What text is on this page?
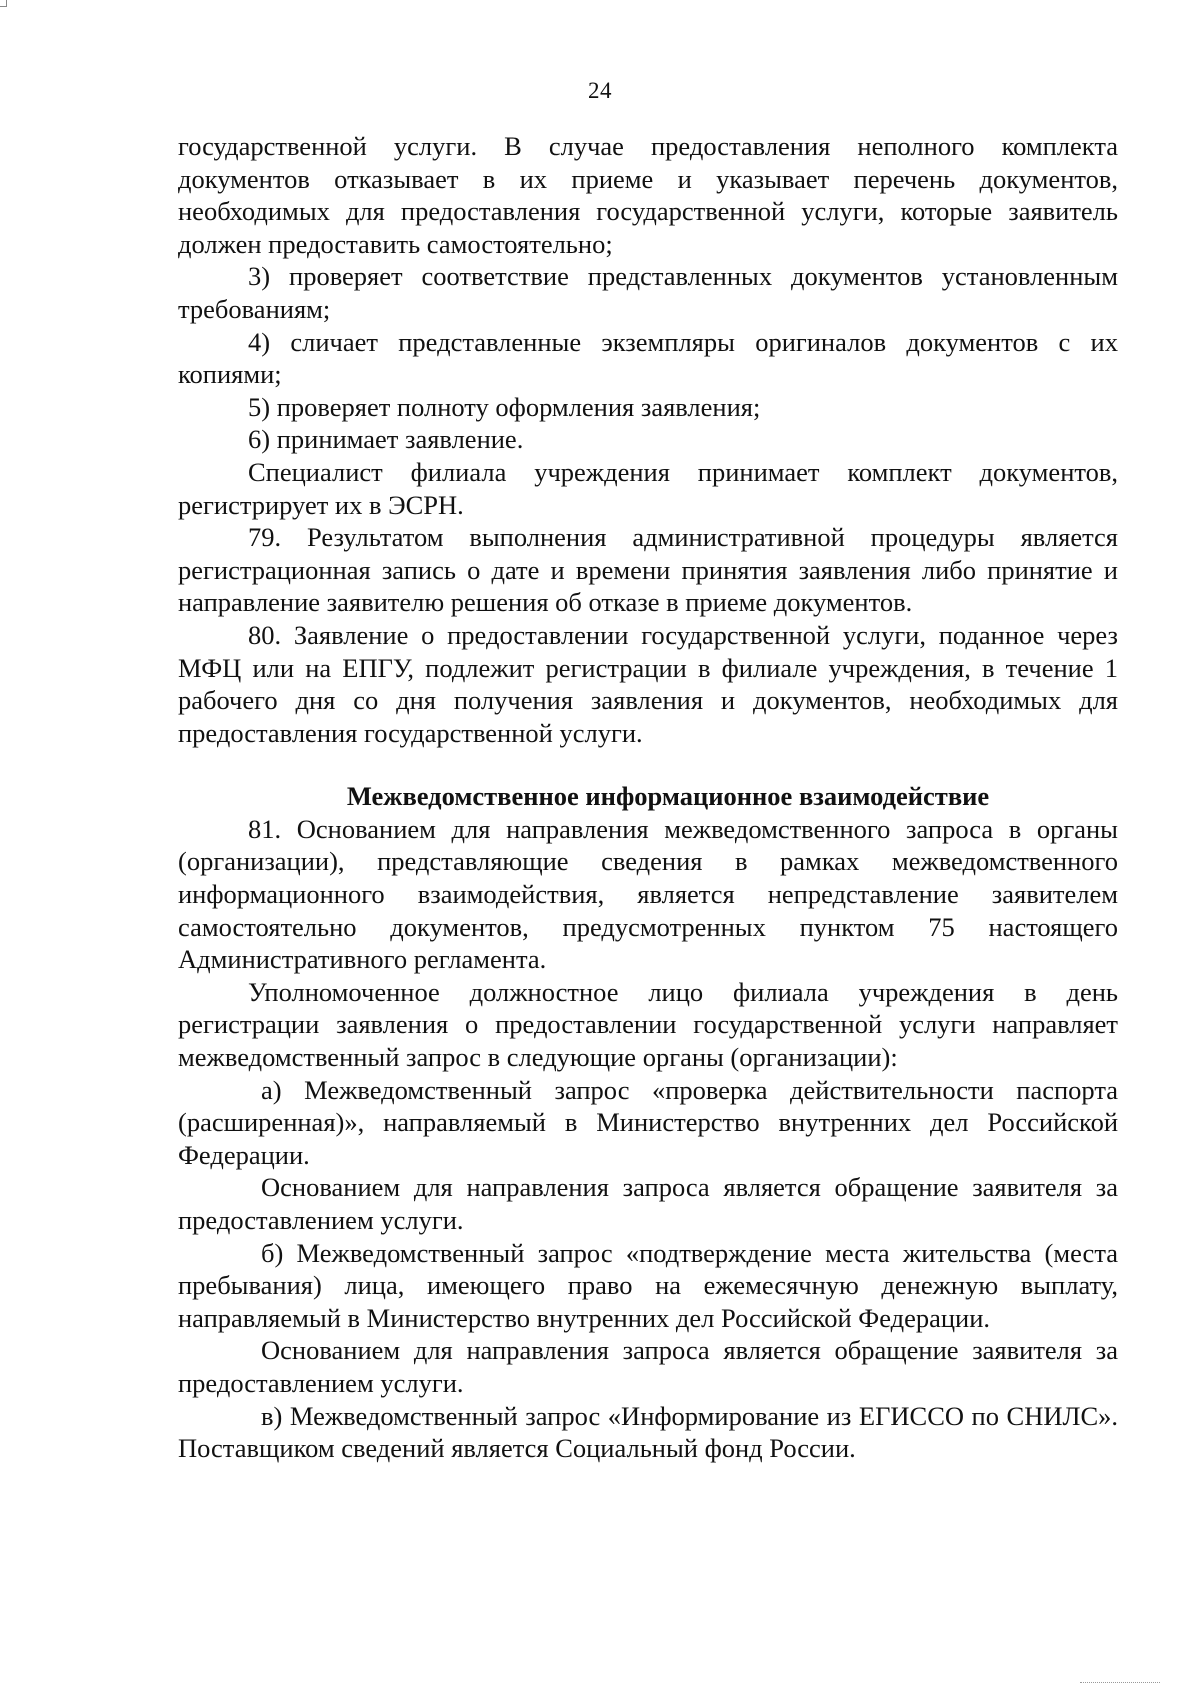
24

государственной услуги. В случае предоставления неполного комплекта документов отказывает в их приеме и указывает перечень документов, необходимых для предоставления государственной услуги, которые заявитель должен предоставить самостоятельно;

3) проверяет соответствие представленных документов установленным требованиям;

4) сличает представленные экземпляры оригиналов документов с их копиями;

5) проверяет полноту оформления заявления;

6) принимает заявление.

Специалист филиала учреждения принимает комплект документов, регистрирует их в ЭСРН.

79. Результатом выполнения административной процедуры является регистрационная запись о дате и времени принятия заявления либо принятие и направление заявителю решения об отказе в приеме документов.

80. Заявление о предоставлении государственной услуги, поданное через МФЦ или на ЕПГУ, подлежит регистрации в филиале учреждения, в течение 1 рабочего дня со дня получения заявления и документов, необходимых для предоставления государственной услуги.

Межведомственное информационное взаимодействие

81. Основанием для направления межведомственного запроса в органы (организации), представляющие сведения в рамках межведомственного информационного взаимодействия, является непредставление заявителем самостоятельно документов, предусмотренных пунктом 75 настоящего Административного регламента.

Уполномоченное должностное лицо филиала учреждения в день регистрации заявления о предоставлении государственной услуги направляет межведомственный запрос в следующие органы (организации):

а) Межведомственный запрос «проверка действительности паспорта (расширенная)», направляемый в Министерство внутренних дел Российской Федерации.

Основанием для направления запроса является обращение заявителя за предоставлением услуги.

б) Межведомственный запрос «подтверждение места жительства (места пребывания) лица, имеющего право на ежемесячную денежную выплату, направляемый в Министерство внутренних дел Российской Федерации.

Основанием для направления запроса является обращение заявителя за предоставлением услуги.

в) Межведомственный запрос «Информирование из ЕГИССО по СНИЛС». Поставщиком сведений является Социальный фонд России.
